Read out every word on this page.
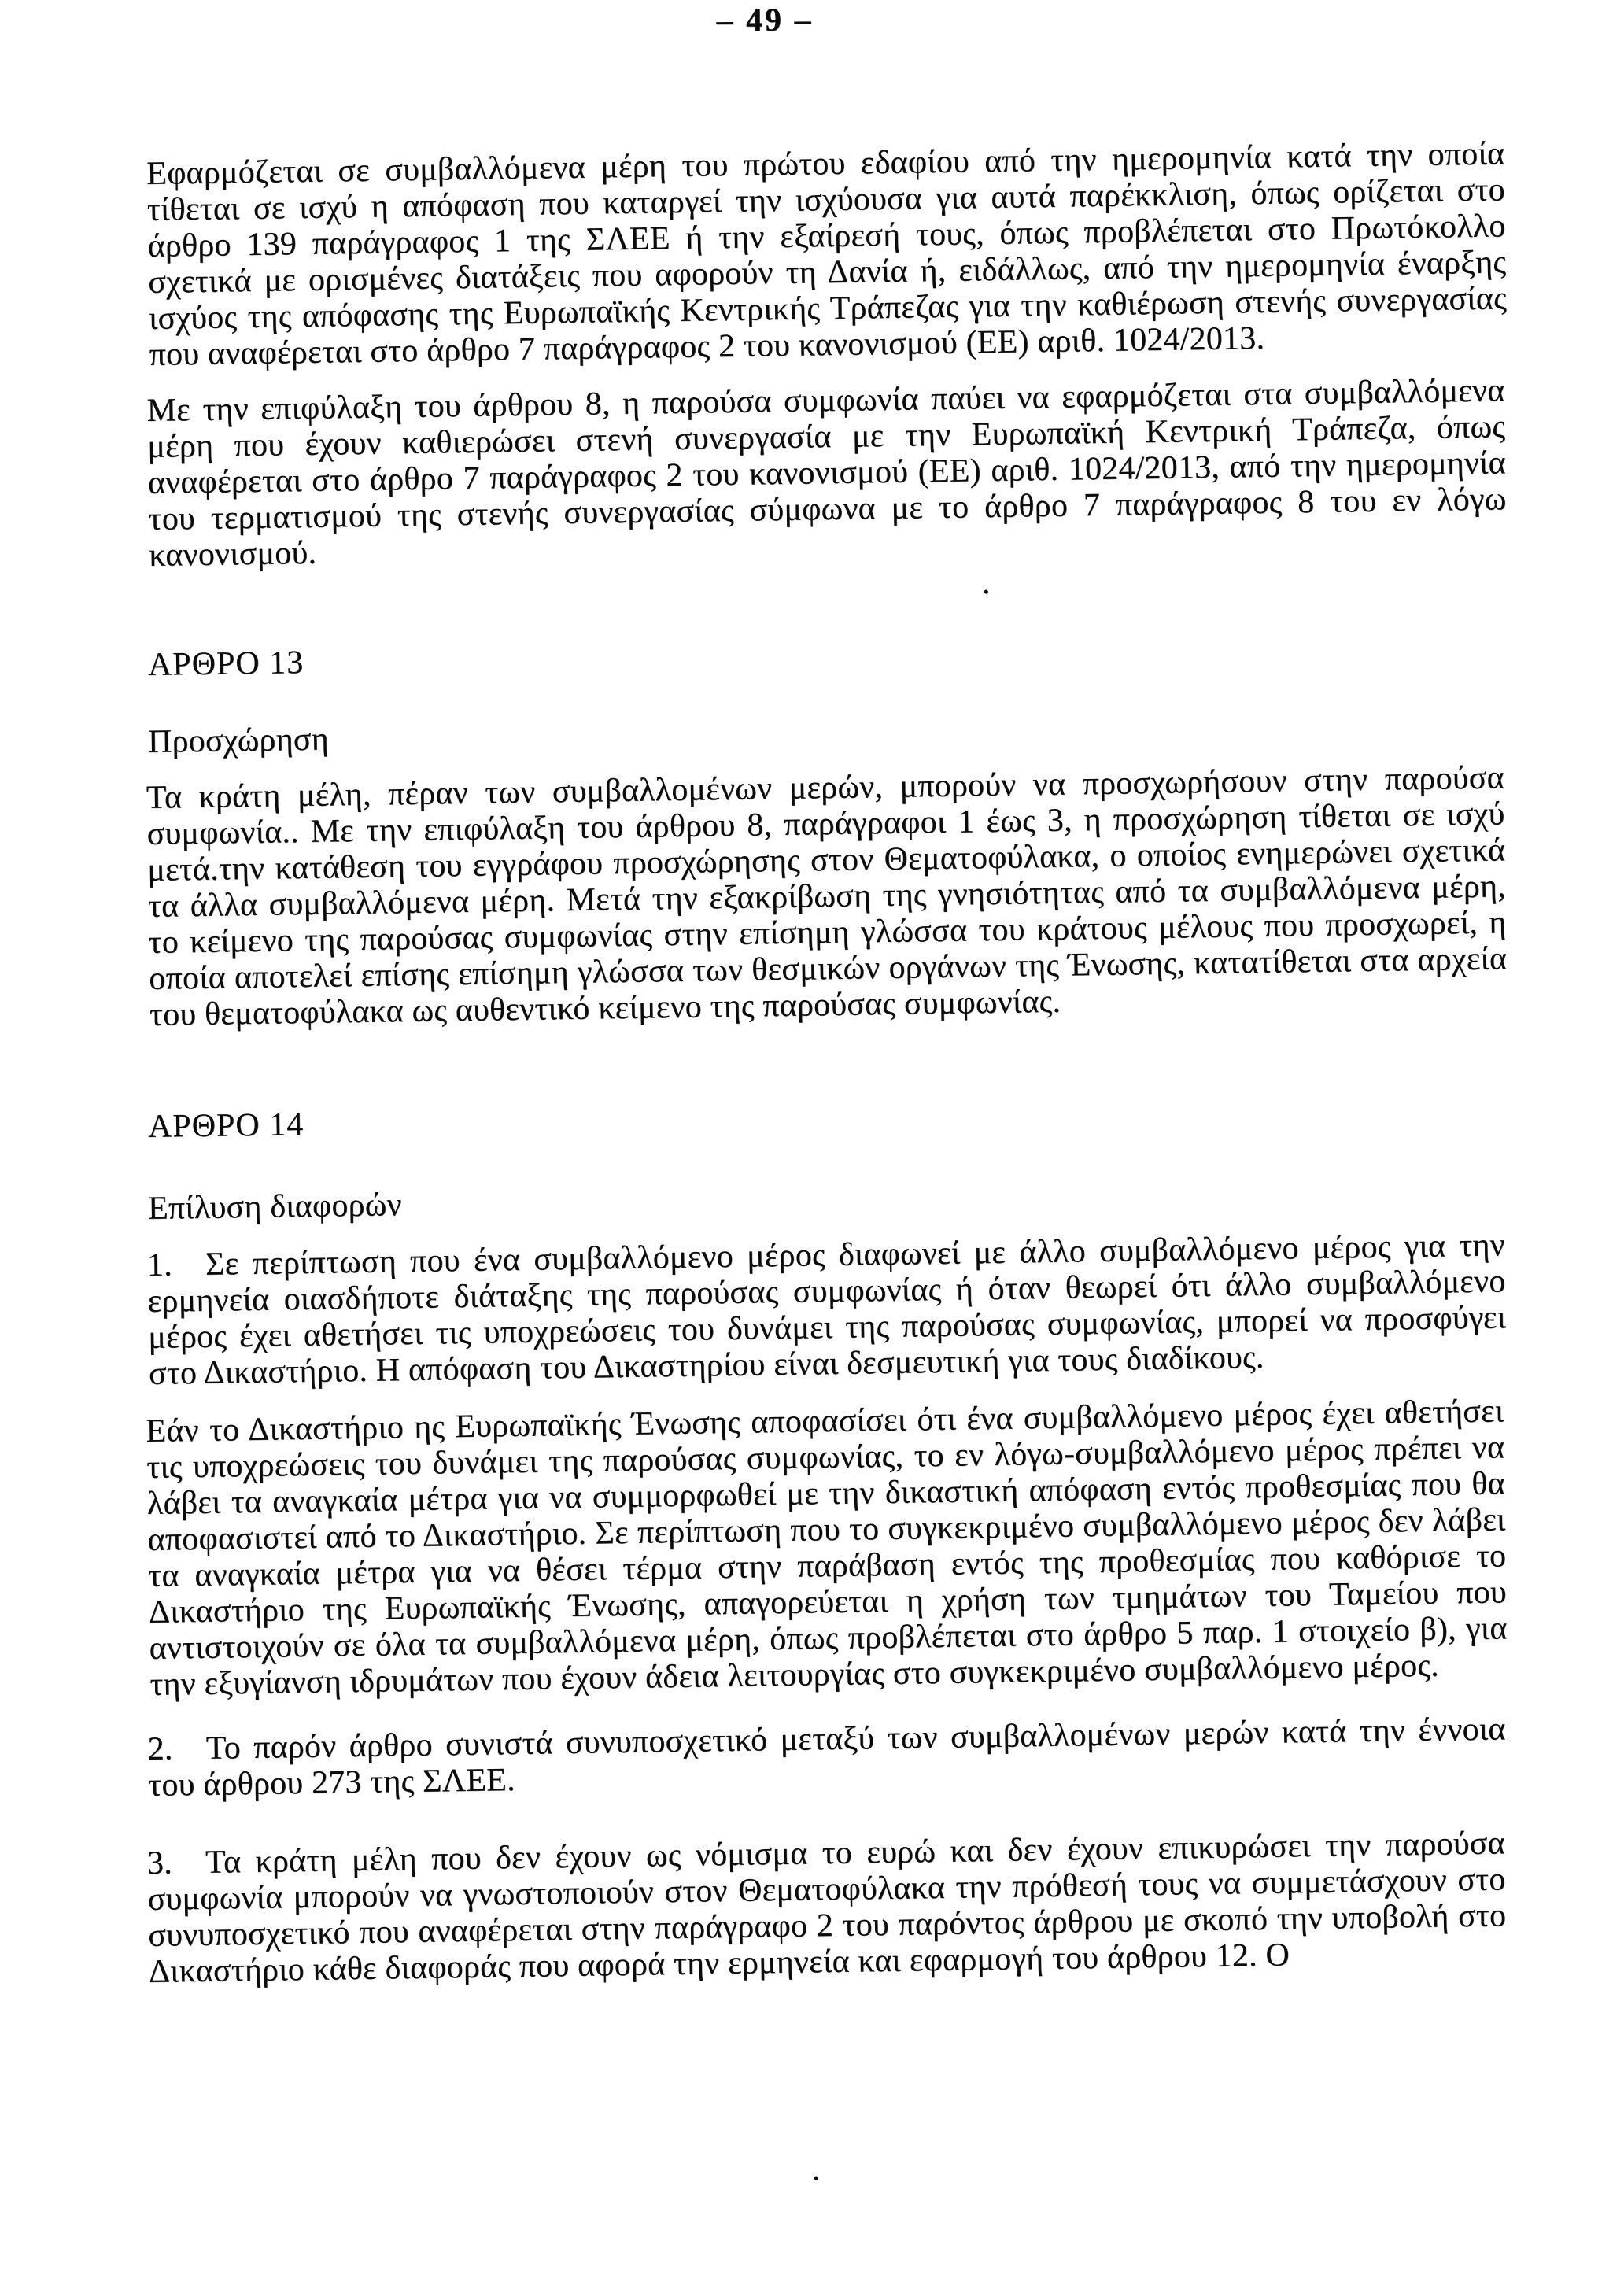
– 49 –

Εφαρμόζεται σε συμβαλλόμενα μέρη του πρώτου εδαφίου από την ημερομηνία κατά την οποία τίθεται σε ισχύ η απόφαση που καταργεί την ισχύουσα για αυτά παρέκκλιση, όπως ορίζεται στο άρθρο 139 παράγραφος 1 της ΣΛΕΕ ή την εξαίρεσή τους, όπως προβλέπεται στο Πρωτόκολλο σχετικά με ορισμένες διατάξεις που αφορούν τη Δανία ή, ειδάλλως, από την ημερομηνία έναρξης ισχύος της απόφασης της Ευρωπαϊκής Κεντρικής Τράπεζας για την καθιέρωση στενής συνεργασίας που αναφέρεται στο άρθρο 7 παράγραφος 2 του κανονισμού (ΕΕ) αριθ. 1024/2013.

Με την επιφύλαξη του άρθρου 8, η παρούσα συμφωνία παύει να εφαρμόζεται στα συμβαλλόμενα μέρη που έχουν καθιερώσει στενή συνεργασία με την Ευρωπαϊκή Κεντρική Τράπεζα, όπως αναφέρεται στο άρθρο 7 παράγραφος 2 του κανονισμού (ΕΕ) αριθ. 1024/2013, από την ημερομηνία του τερματισμού της στενής συνεργασίας σύμφωνα με το άρθρο 7 παράγραφος 8 του εν λόγω κανονισμού.

ΑΡΘΡΟ 13
Προσχώρηση

Τα κράτη μέλη, πέραν των συμβαλλομένων μερών, μπορούν να προσχωρήσουν στην παρούσα συμφωνία.. Με την επιφύλαξη του άρθρου 8, παράγραφοι 1 έως 3, η προσχώρηση τίθεται σε ισχύ μετά.την κατάθεση του εγγράφου προσχώρησης στον Θεματοφύλακα, ο οποίος ενημερώνει σχετικά τα άλλα συμβαλλόμενα μέρη. Μετά την εξακρίβωση της γνησιότητας από τα συμβαλλόμενα μέρη, το κείμενο της παρούσας συμφωνίας στην επίσημη γλώσσα του κράτους μέλους που προσχωρεί, η οποία αποτελεί επίσης επίσημη γλώσσα των θεσμικών οργάνων της Ένωσης, κατατίθεται στα αρχεία του θεματοφύλακα ως αυθεντικό κείμενο της παρούσας συμφωνίας.

ΑΡΘΡΟ 14
Επίλυση διαφορών

1. Σε περίπτωση που ένα συμβαλλόμενο μέρος διαφωνεί με άλλο συμβαλλόμενο μέρος για την ερμηνεία οιασδήποτε διάταξης της παρούσας συμφωνίας ή όταν θεωρεί ότι άλλο συμβαλλόμενο μέρος έχει αθετήσει τις υποχρεώσεις του δυνάμει της παρούσας συμφωνίας, μπορεί να προσφύγει στο Δικαστήριο. Η απόφαση του Δικαστηρίου είναι δεσμευτική για τους διαδίκους.

Εάν το Δικαστήριο ης Ευρωπαϊκής Ένωσης αποφασίσει ότι ένα συμβαλλόμενο μέρος έχει αθετήσει τις υποχρεώσεις του δυνάμει της παρούσας συμφωνίας, το εν λόγω-συμβαλλόμενο μέρος πρέπει να λάβει τα αναγκαία μέτρα για να συμμορφωθεί με την δικαστική απόφαση εντός προθεσμίας που θα αποφασιστεί από το Δικαστήριο. Σε περίπτωση που το συγκεκριμένο συμβαλλόμενο μέρος δεν λάβει τα αναγκαία μέτρα για να θέσει τέρμα στην παράβαση εντός της προθεσμίας που καθόρισε το Δικαστήριο της Ευρωπαϊκής Ένωσης, απαγορεύεται η χρήση των τμημάτων του Ταμείου που αντιστοιχούν σε όλα τα συμβαλλόμενα μέρη, όπως προβλέπεται στο άρθρο 5 παρ. 1 στοιχείο β), για την εξυγίανση ιδρυμάτων που έχουν άδεια λειτουργίας στο συγκεκριμένο συμβαλλόμενο μέρος.

2. Το παρόν άρθρο συνιστά συνυποσχετικό μεταξύ των συμβαλλομένων μερών κατά την έννοια του άρθρου 273 της ΣΛΕΕ.

3. Τα κράτη μέλη που δεν έχουν ως νόμισμα το ευρώ και δεν έχουν επικυρώσει την παρούσα συμφωνία μπορούν να γνωστοποιούν στον Θεματοφύλακα την πρόθεσή τους να συμμετάσχουν στο συνυποσχετικό που αναφέρεται στην παράγραφο 2 του παρόντος άρθρου με σκοπό την υποβολή στο Δικαστήριο κάθε διαφοράς που αφορά την ερμηνεία και εφαρμογή του άρθρου 12. Ο

.
.
